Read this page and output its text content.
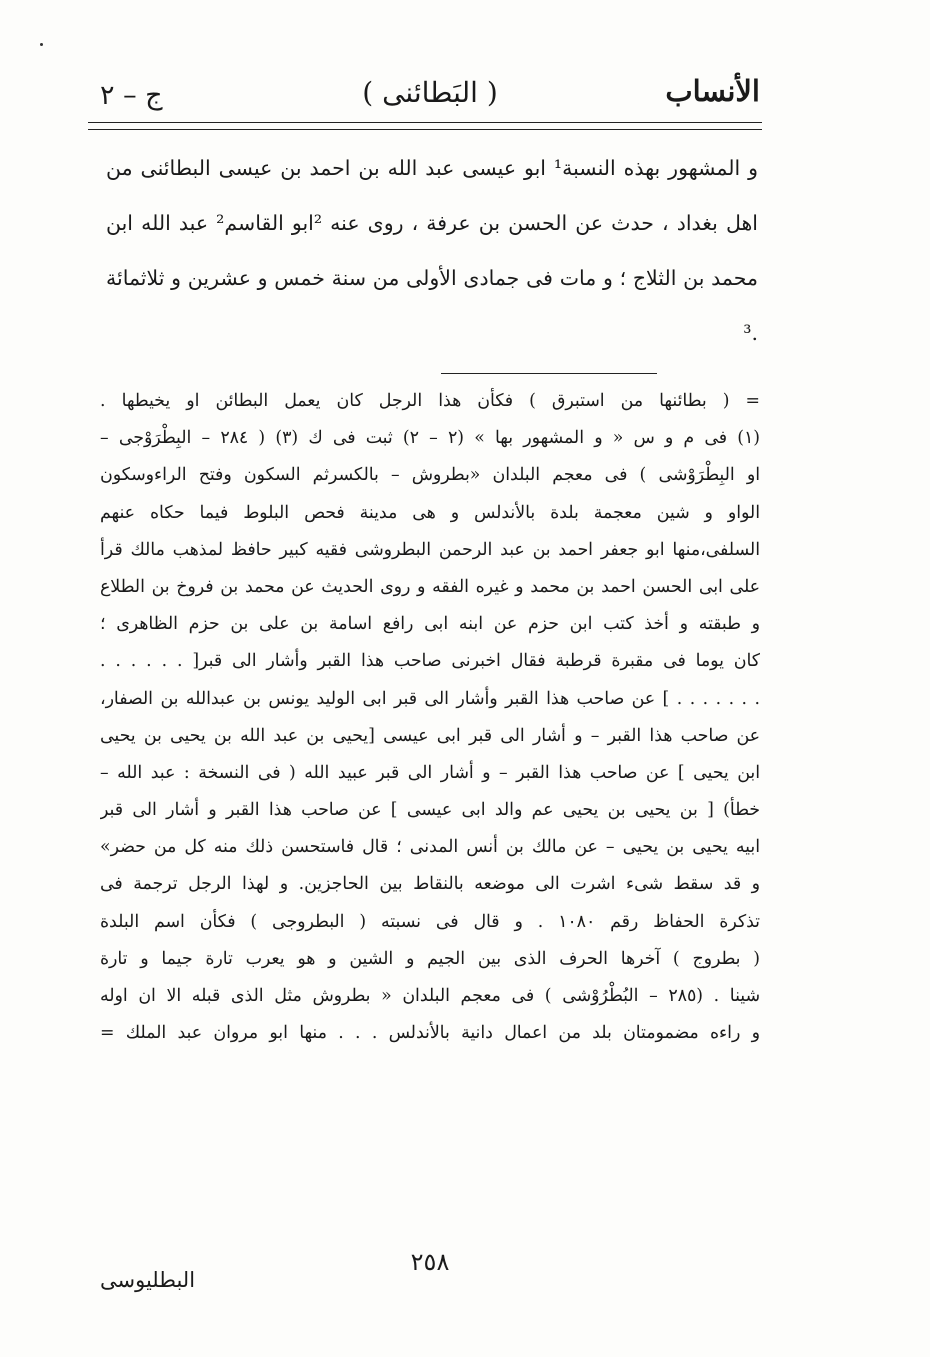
الأنساب
( البَطائنى )
ج – ٢

و المشهور بهذه النسبة¹ ابو عيسى عبد الله بن احمد بن عيسى البطائنى من اهل بغداد ، حدث عن الحسن بن عرفة ، روى عنه ²ابو القاسم² عبد الله ابن محمد بن الثلاج ؛ و مات فى جمادى الأولى من سنة خمس و عشرين و ثلاثمائة .³

= ( بطائنها من استبرق ) فكأن هذا الرجل كان يعمل البطائن او يخيطها .
(١) فى م و س « و المشهور بها » (٢ – ٢) ثبت فى ك (٣) ( ٢٨٤ – البِطْرَوْجى –
او البِطْرَوْشى ) فى معجم البلدان «بطروش – بالكسرثم السكون وفتح الراءوسكون
الواو و شين معجمة بلدة بالأندلس و هى مدينة فحص البلوط فيما حكاه عنهم
السلفى،منها ابو جعفر احمد بن عبد الرحمن البطروشى فقيه كبير حافظ لمذهب مالك قرأ
على ابى الحسن احمد بن محمد و غيره الفقه و روى الحديث عن محمد بن فروخ بن الطلاع
و طبقته و أخذ كتب ابن حزم عن ابنه ابى رافع اسامة بن على بن حزم الظاهرى ؛
كان يوما فى مقبرة قرطبة فقال اخبرنى صاحب هذا القبر وأشار الى قبر[ . . . . . .
. . . . . . . ] عن صاحب هذا القبر وأشار الى قبر ابى الوليد يونس بن عبدالله بن الصفار،
عن صاحب هذا القبر – و أشار الى قبر ابى عيسى [يحيى بن عبد الله بن يحيى بن يحيى
ابن يحيى ] عن صاحب هذا القبر – و أشار الى قبر عبيد الله ( فى النسخة : عبد الله –
خطأ) [ بن يحيى بن يحيى عم والد ابى عيسى ] عن صاحب هذا القبر و أشار الى قبر
ابيه يحيى بن يحيى – عن مالك بن أنس المدنى ؛ قال فاستحسن ذلك منه كل من حضر»
و قد سقط شىء اشرت الى موضعه بالنقاط بين الحاجزين. و لهذا الرجل ترجمة فى
تذكرة الحفاظ رقم ١٠٨٠ . و قال فى نسبته ( البطروجى ) فكأن اسم البلدة
( بطروج ) آخرها الحرف الذى بين الجيم و الشين و هو يعرب تارة جيما و تارة
شينا . (٢٨٥ – البُطْرُوْشى ) فى معجم البلدان « بطروش مثل الذى قبله الا ان اوله
و راءه مضمومتان بلد من اعمال دانية بالأندلس . . . منها ابو مروان عبد الملك =
٢٥٨
البطليوسى
